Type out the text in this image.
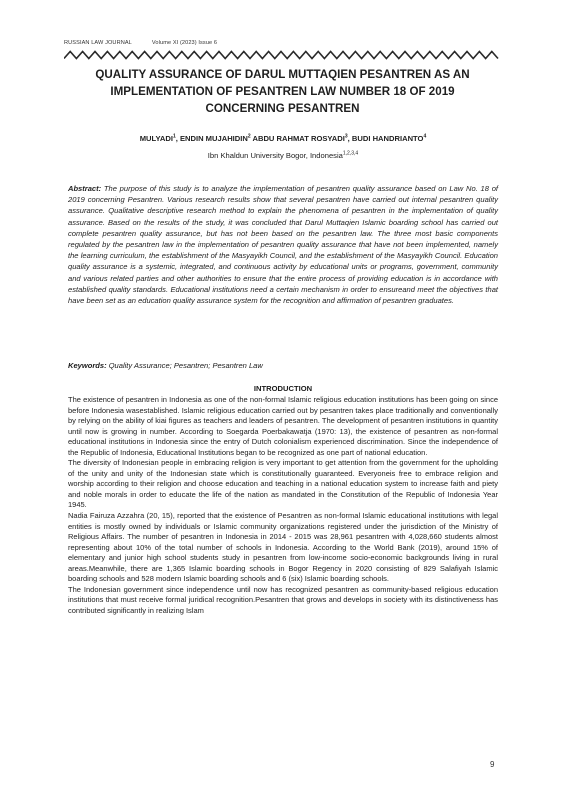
RUSSIAN LAW JOURNAL	Volume XI (2023) Issue 6
QUALITY ASSURANCE OF DARUL MUTTAQIEN PESANTREN AS AN
IMPLEMENTATION OF PESANTREN LAW NUMBER 18 OF 2019
CONCERNING PESANTREN
MULYADI$^1$, ENDIN MUJAHIDIN$^2$ ABDU RAHMAT ROSYADI$^3$, BUDI HANDRIANTO$^4$
Ibn Khaldun University Bogor, Indonesia$^{1,2,3,4}$
Abstract: The purpose of this study is to analyze the implementation of pesantren quality assurance based on Law No. 18 of 2019 concerning Pesantren. Various research results show that several pesantren have carried out internal pesantren quality assurance. Qualitative descriptive research method to explain the phenomena of pesantren in the implementation of quality assurance. Based on the results of the study, it was concluded that Darul Muttaqien Islamic boarding school has carried out complete pesantren quality assurance, but has not been based on the pesantren law. The three most basic components regulated by the pesantren law in the implementation of pesantren quality assurance that have not been implemented, namely the learning curriculum, the establishment of the Masyayikh Council, and the establishment of the Masyayikh Council. Education quality assurance is a systemic, integrated, and continuous activity by educational units or programs, government, community and various related parties and other authorities to ensure that the entire process of providing education is in accordance with established quality standards. Educational institutions need a certain mechanism in order to ensureand meet the objectives that have been set as an education quality assurance system for the recognition and affirmation of pesantren graduates.
Keywords: Quality Assurance; Pesantren; Pesantren Law
INTRODUCTION

The existence of pesantren in Indonesia as one of the non-formal Islamic religious education institutions has been going on since before Indonesia wasestablished. Islamic religious education carried out by pesantren takes place traditionally and conventionally by relying on the ability of kiai figures as teachers and leaders of pesantren. The development of pesantren institutions in quantity until now is growing in number. According to Soegarda Poerbakawatja (1970: 13), the existence of pesantren as non-formal educational institutions in Indonesia since the entry of Dutch colonialism experienced discrimination. Since the independence of the Republic of Indonesia, Educational Institutions began to be recognized as one part of national education.

The diversity of Indonesian people in embracing religion is very important to get attention from the government for the upholding of the unity and unity of the Indonesian state which is constitutionally guaranteed. Everyoneis free to embrace religion and worship according to their religion and choose education and teaching in a national education system to increase faith and piety and noble morals in order to educate the life of the nation as mandated in the Constitution of the Republic of Indonesia Year 1945.

Nadia Fairuza Azzahra (20, 15), reported that the existence of Pesantren as non-formal Islamic educational institutions with legal entities is mostly owned by individuals or Islamic community organizations registered under the jurisdiction of the Ministry of Religious Affairs. The number of pesantren in Indonesia in 2014 - 2015 was 28,961 pesantren with 4,028,660 students almost representing about 10% of the total number of schools in Indonesia. According to the World Bank (2019), around 15% of elementary and junior high school students study in pesantren from low-income socio-economic backgrounds living in rural areas.Meanwhile, there are 1,365 Islamic boarding schools in Bogor Regency in 2020 consisting of 829 Salafiyah Islamic boarding schools and 528 modern Islamic boarding schools and 6 (six) Islamic boarding schools.

The Indonesian government since independence until now has recognized pesantren as community-based religious education institutions that must receive formal juridical recognition.Pesantren that grows and develops in society with its distinctiveness has contributed significantly in realizing Islam

9
